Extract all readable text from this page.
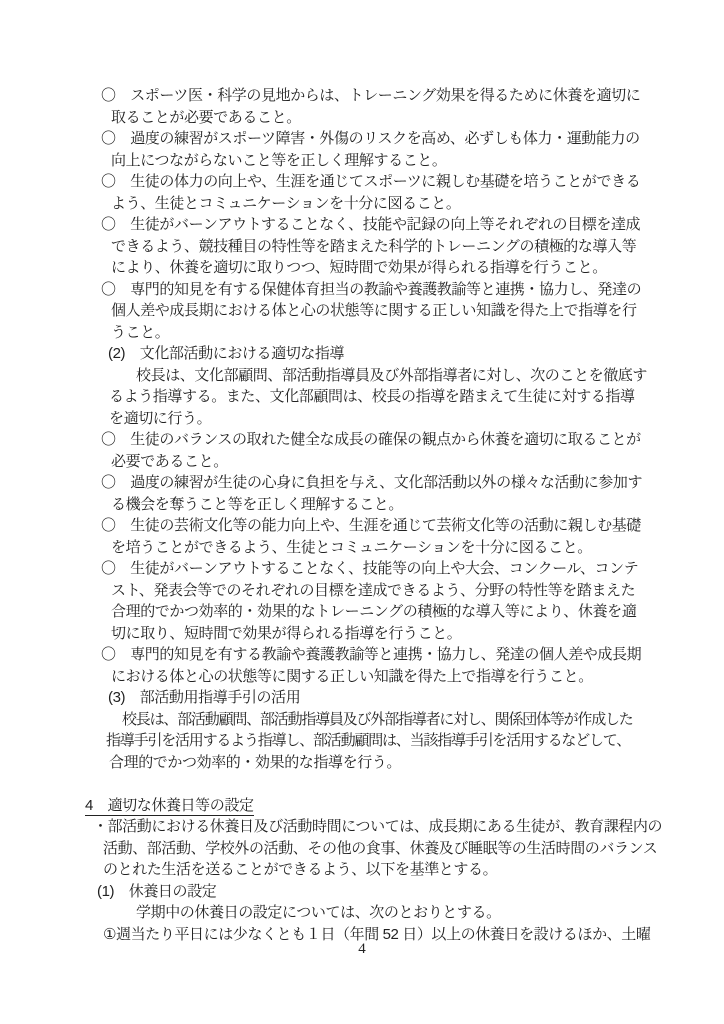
〇　スポーツ医・科学の見地からは、トレーニング効果を得るために休養を適切に
取ることが必要であること。
〇　過度の練習がスポーツ障害・外傷のリスクを高め、必ずしも体力・運動能力の
向上につながらないこと等を正しく理解すること。
〇　生徒の体力の向上や、生涯を通じてスポーツに親しむ基礎を培うことができる
よう、生徒とコミュニケーションを十分に図ること。
〇　生徒がバーンアウトすることなく、技能や記録の向上等それぞれの目標を達成
できるよう、競技種目の特性等を踏まえた科学的トレーニングの積極的な導入等
により、休養を適切に取りつつ、短時間で効果が得られる指導を行うこと。
〇　専門的知見を有する保健体育担当の教諭や養護教諭等と連携・協力し、発達の
個人差や成長期における体と心の状態等に関する正しい知識を得た上で指導を行
うこと。
(2)　文化部活動における適切な指導
校長は、文化部顧問、部活動指導員及び外部指導者に対し、次のことを徹底す
るよう指導する。また、文化部顧問は、校長の指導を踏まえて生徒に対する指導
を適切に行う。
〇　生徒のバランスの取れた健全な成長の確保の観点から休養を適切に取ることが
必要であること。
〇　過度の練習が生徒の心身に負担を与え、文化部活動以外の様々な活動に参加す
る機会を奪うこと等を正しく理解すること。
〇　生徒の芸術文化等の能力向上や、生涯を通じて芸術文化等の活動に親しむ基礎
を培うことができるよう、生徒とコミュニケーションを十分に図ること。
〇　生徒がバーンアウトすることなく、技能等の向上や大会、コンクール、コンテ
スト、発表会等でのそれぞれの目標を達成できるよう、分野の特性等を踏まえた
合理的でかつ効率的・効果的なトレーニングの積極的な導入等により、休養を適
切に取り、短時間で効果が得られる指導を行うこと。
〇　専門的知見を有する教諭や養護教諭等と連携・協力し、発達の個人差や成長期
における体と心の状態等に関する正しい知識を得た上で指導を行うこと。
(3)　部活動用指導手引の活用
校長は、部活動顧問、部活動指導員及び外部指導者に対し、関係団体等が作成した
指導手引を活用するよう指導し、部活動顧問は、当該指導手引を活用するなどして、
合理的でかつ効率的・効果的な指導を行う。
4　適切な休養日等の設定
・部活動における休養日及び活動時間については、成長期にある生徒が、教育課程内の
活動、部活動、学校外の活動、その他の食事、休養及び睡眠等の生活時間のバランス
のとれた生活を送ることができるよう、以下を基準とする。
(1)　休養日の設定
学期中の休養日の設定については、次のとおりとする。
①週当たり平日には少なくとも１日（年間 52 日）以上の休養日を設けるほか、土曜
4
